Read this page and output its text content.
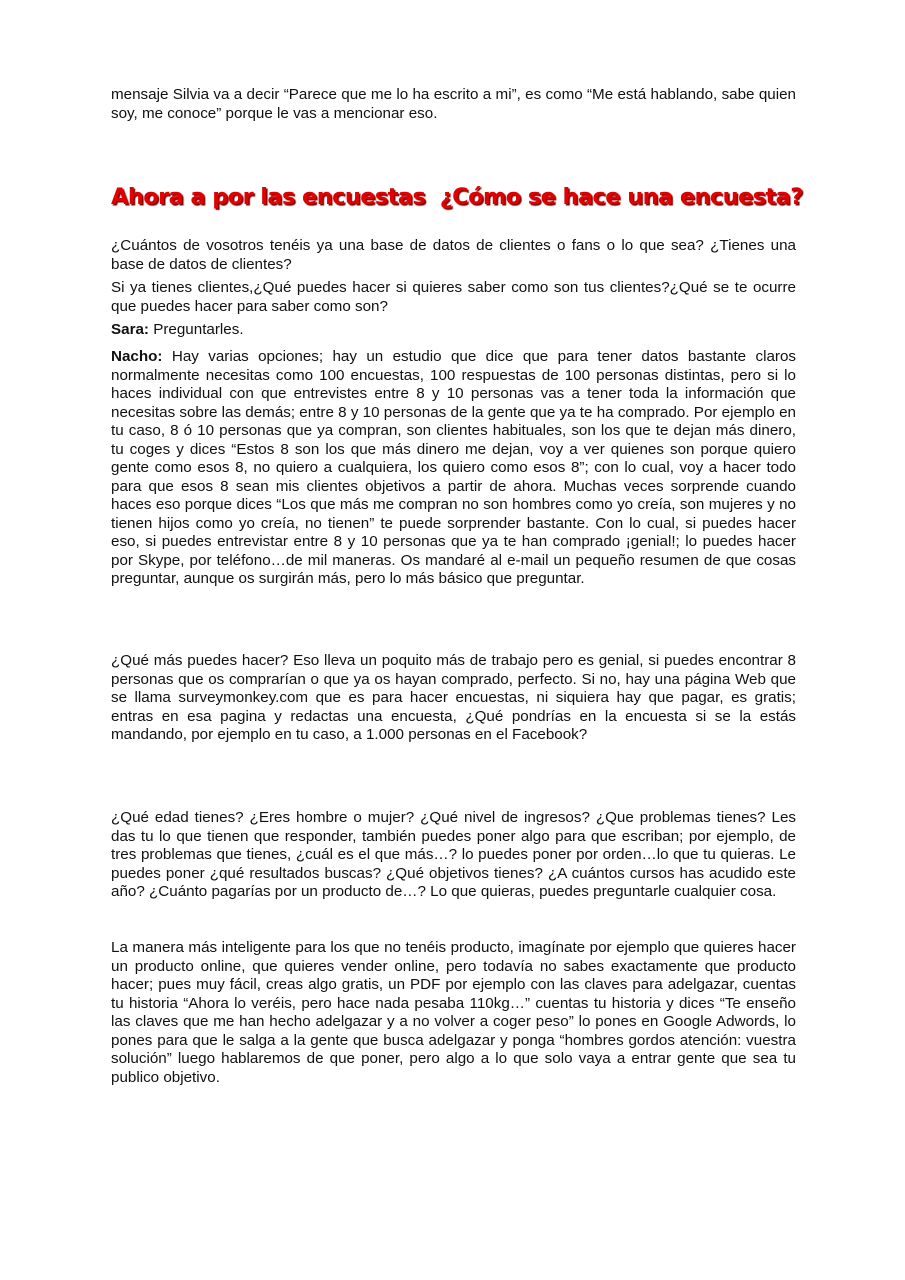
mensaje Silvia va a decir “Parece que me lo ha escrito a mi”, es como “Me está hablando, sabe quien soy, me conoce” porque le vas a mencionar eso.

Ahora a por las encuestas  ¿Cómo se hace una encuesta?

¿Cuántos de vosotros tenéis ya una base de datos de clientes o fans o lo que sea? ¿Tienes una base de datos de clientes?

Si ya tienes clientes,¿Qué puedes hacer si quieres saber como son tus clientes?¿Qué se te ocurre que puedes hacer para saber como son?

Sara: Preguntarles.

Nacho: Hay varias opciones; hay un estudio que dice que para tener datos bastante claros normalmente necesitas como 100 encuestas, 100 respuestas de 100 personas distintas, pero si lo haces individual con que entrevistes entre 8 y 10 personas vas a tener toda la información que necesitas sobre las demás; entre 8 y 10 personas de la gente que ya te ha comprado. Por ejemplo en tu caso, 8 ó 10 personas que ya compran, son clientes habituales, son los que te dejan más dinero, tu coges y dices “Estos 8 son los que más dinero me dejan, voy a ver quienes son porque quiero gente como esos 8, no quiero a cualquiera, los quiero como esos 8”; con lo cual, voy a hacer todo para que esos 8 sean mis clientes objetivos a partir de ahora. Muchas veces sorprende cuando haces eso porque dices “Los que más me compran no son hombres como yo creía, son mujeres y no tienen hijos como yo creía, no tienen” te puede sorprender bastante. Con lo cual, si puedes hacer eso, si puedes entrevistar entre 8 y 10 personas que ya te han comprado ¡genial!; lo puedes hacer por Skype, por teléfono…de mil maneras. Os mandaré al e-mail un pequeño resumen de que cosas preguntar, aunque os surgirán más, pero lo más básico que preguntar.

¿Qué más puedes hacer? Eso lleva un poquito más de trabajo pero es genial, si puedes encontrar 8 personas que os comprarían o que ya os hayan comprado, perfecto. Si no, hay una página Web que se llama surveymonkey.com que es para hacer encuestas, ni siquiera hay que pagar, es gratis; entras en esa pagina y redactas una encuesta, ¿Qué pondrías en la encuesta si se la estás mandando, por ejemplo en tu caso, a 1.000 personas en el Facebook?

¿Qué edad tienes? ¿Eres hombre o mujer? ¿Qué nivel de ingresos? ¿Que problemas tienes? Les das tu lo que tienen que responder, también puedes poner algo para que escriban; por ejemplo, de tres problemas que tienes, ¿cuál es el que más…? lo puedes poner por orden…lo que tu quieras. Le puedes poner ¿qué resultados buscas? ¿Qué objetivos tienes? ¿A cuántos cursos has acudido este año? ¿Cuánto pagarías por un producto de…? Lo que quieras, puedes preguntarle cualquier cosa.

La manera más inteligente para los que no tenéis producto, imagínate por ejemplo que quieres hacer un producto online, que quieres vender online, pero todavía no sabes exactamente que producto hacer; pues muy fácil, creas algo gratis, un PDF por ejemplo con las claves para adelgazar, cuentas tu historia “Ahora lo veréis, pero hace nada pesaba 110kg…” cuentas tu historia y dices “Te enseño las claves que me han hecho adelgazar y a no volver a coger peso” lo pones en Google Adwords, lo pones para que le salga a la gente que busca adelgazar y ponga “hombres gordos atención: vuestra solución” luego hablaremos de que poner, pero algo a lo que solo vaya a entrar gente que sea tu publico objetivo.
